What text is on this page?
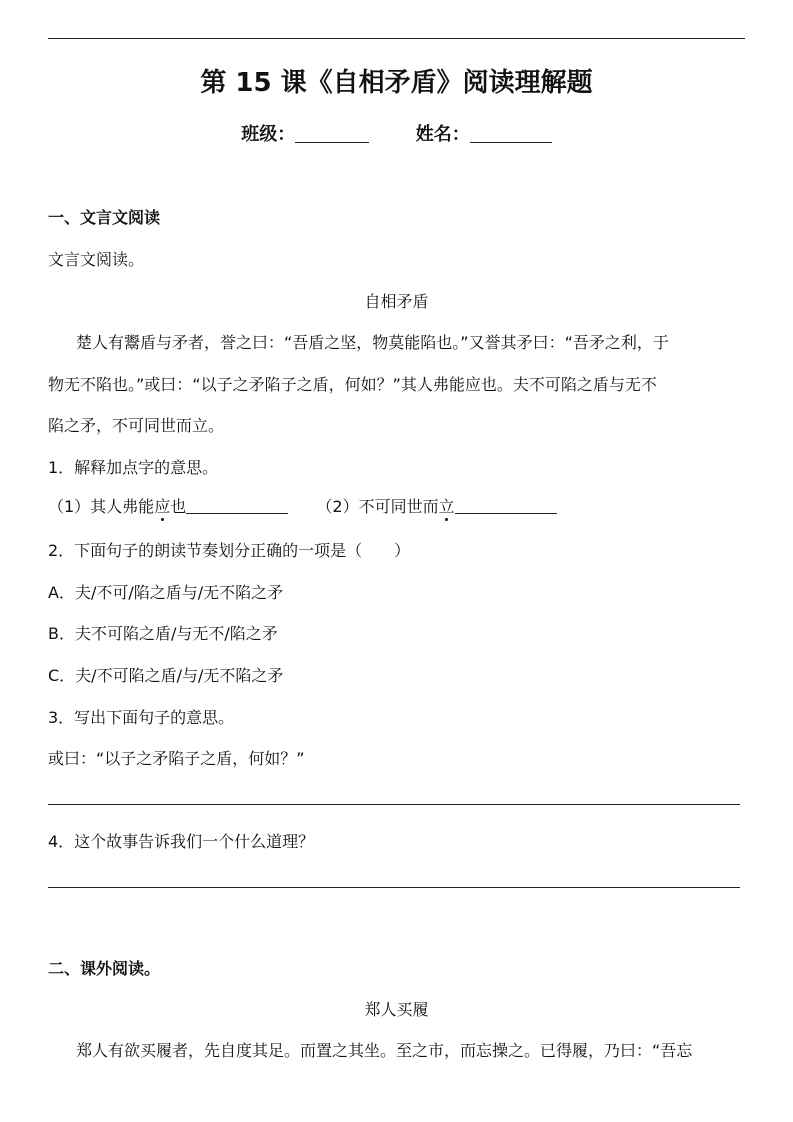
第 15 课《自相矛盾》阅读理解题
班级：	姓名：
一、文言文阅读
文言文阅读。
自相矛盾
楚人有鬻盾与矛者，誉之曰：“吾盾之坚，物莫能陷也。”又誉其矛曰：“吾矛之利，于
物无不陷也。”或曰：“以子之矛陷子之盾，何如？”其人弗能应也。夫不可陷之盾与无不
陷之矛，不可同世而立。
1．解释加点字的意思。
（1）其人弗能应也	（2）不可同世而立
2．下面句子的朗读节奏划分正确的一项是（　　）
A．夫/不可/陷之盾与/无不陷之矛
B．夫不可陷之盾/与无不/陷之矛
C．夫/不可陷之盾/与/无不陷之矛
3．写出下面句子的意思。
或曰：“以子之矛陷子之盾，何如？”
4．这个故事告诉我们一个什么道理？
二、课外阅读。
郑人买履
郑人有欲买履者，先自度其足。而置之其坐。至之市，而忘操之。已得履，乃曰：“吾忘
